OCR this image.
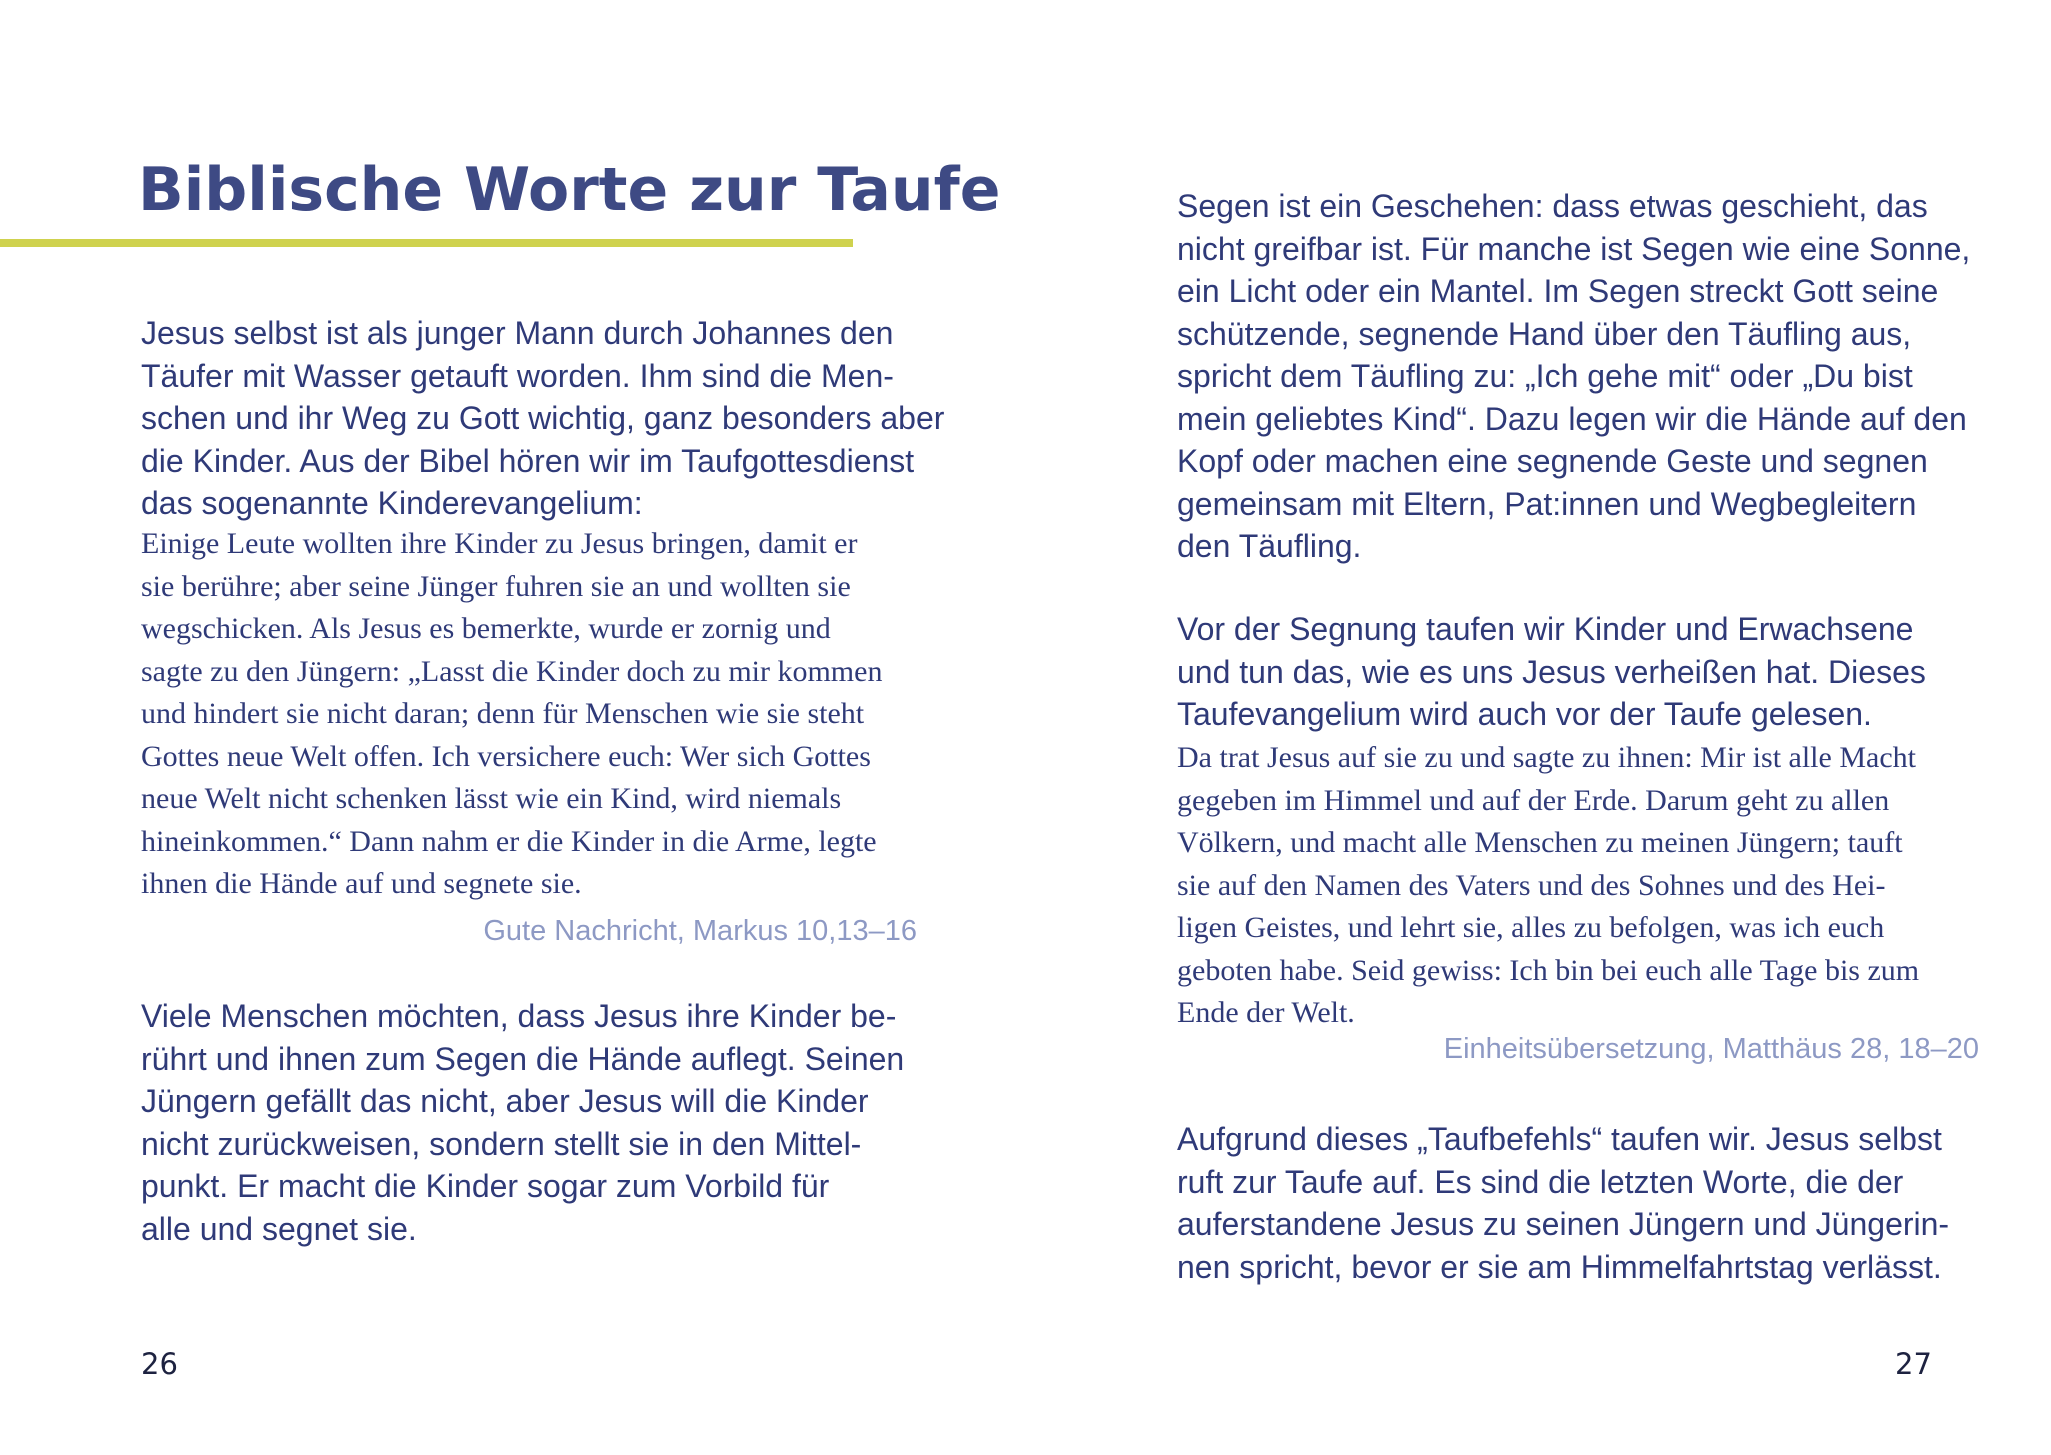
Biblische Worte zur Taufe

Jesus selbst ist als junger Mann durch Johannes den
Täufer mit Wasser getauft worden. Ihm sind die Men-
schen und ihr Weg zu Gott wichtig, ganz besonders aber
die Kinder. Aus der Bibel hören wir im Taufgottesdienst
das sogenannte Kinderevangelium:

Einige Leute wollten ihre Kinder zu Jesus bringen, damit er
sie berühre; aber seine Jünger fuhren sie an und wollten sie
wegschicken. Als Jesus es bemerkte, wurde er zornig und
sagte zu den Jüngern: „Lasst die Kinder doch zu mir kommen
und hindert sie nicht daran; denn für Menschen wie sie steht
Gottes neue Welt offen. Ich versichere euch: Wer sich Gottes
neue Welt nicht schenken lässt wie ein Kind, wird niemals
hineinkommen.“ Dann nahm er die Kinder in die Arme, legte
ihnen die Hände auf und segnete sie.

Gute Nachricht, Markus 10,13–16

Viele Menschen möchten, dass Jesus ihre Kinder be-
rührt und ihnen zum Segen die Hände auflegt. Seinen
Jüngern gefällt das nicht, aber Jesus will die Kinder
nicht zurückweisen, sondern stellt sie in den Mittel-
punkt. Er macht die Kinder sogar zum Vorbild für
alle und segnet sie.

26

Segen ist ein Geschehen: dass etwas geschieht, das
nicht greifbar ist. Für manche ist Segen wie eine Sonne,
ein Licht oder ein Mantel. Im Segen streckt Gott seine
schützende, segnende Hand über den Täufling aus,
spricht dem Täufling zu: „Ich gehe mit“ oder „Du bist
mein geliebtes Kind“. Dazu legen wir die Hände auf den
Kopf oder machen eine segnende Geste und segnen
gemeinsam mit Eltern, Pat:innen und Wegbegleitern
den Täufling.

Vor der Segnung taufen wir Kinder und Erwachsene
und tun das, wie es uns Jesus verheißen hat. Dieses
Taufevangelium wird auch vor der Taufe gelesen.

Da trat Jesus auf sie zu und sagte zu ihnen: Mir ist alle Macht
gegeben im Himmel und auf der Erde. Darum geht zu allen
Völkern, und macht alle Menschen zu meinen Jüngern; tauft
sie auf den Namen des Vaters und des Sohnes und des Hei-
ligen Geistes, und lehrt sie, alles zu befolgen, was ich euch
geboten habe. Seid gewiss: Ich bin bei euch alle Tage bis zum
Ende der Welt.

Einheitsübersetzung, Matthäus 28, 18–20

Aufgrund dieses „Taufbefehls“ taufen wir. Jesus selbst
ruft zur Taufe auf. Es sind die letzten Worte, die der
auferstandene Jesus zu seinen Jüngern und Jüngerin-
nen spricht, bevor er sie am Himmelfahrtstag verlässt.

27
